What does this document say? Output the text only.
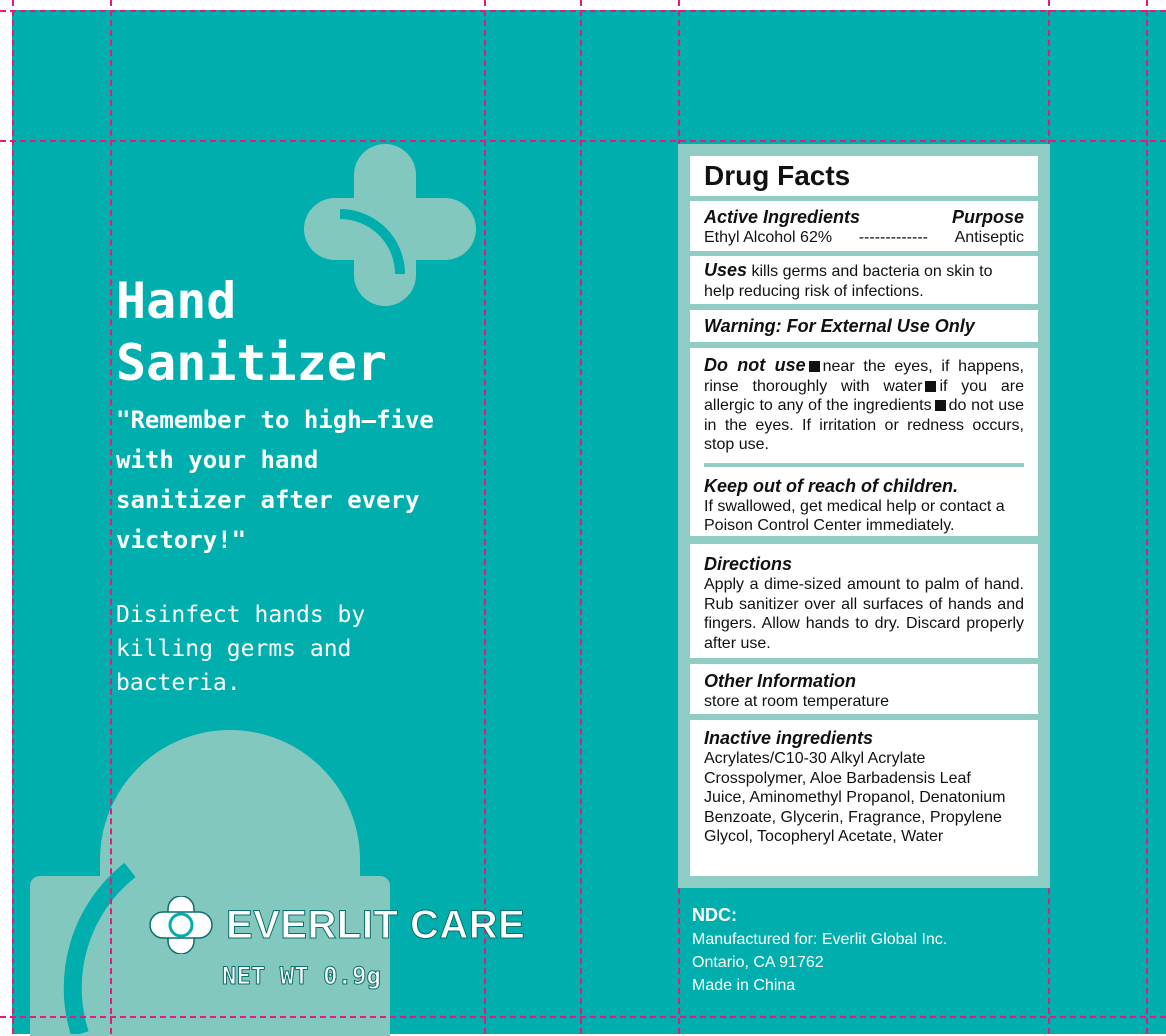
Hand
Sanitizer

"Remember to high–five with your hand sanitizer after every victory!"

Disinfect hands by killing germs and bacteria.

EVERLIT CARE
NET WT 0.9g
Drug Facts
Active Ingredients	Purpose
Ethyl Alcohol 62% ------------- Antiseptic
Uses kills germs and bacteria on skin to help reducing risk of infections.
Warning: For External Use Only
Do not use near the eyes, if happens, rinse thoroughly with water if you are allergic to any of the ingredients do not use in the eyes. If irritation or redness occurs, stop use.
Keep out of reach of children.
If swallowed, get medical help or contact a Poison Control Center immediately.
Directions
Apply a dime-sized amount to palm of hand. Rub sanitizer over all surfaces of hands and fingers. Allow hands to dry. Discard properly after use.
Other Information
store at room temperature
Inactive ingredients
Acrylates/C10-30 Alkyl Acrylate Crosspolymer, Aloe Barbadensis Leaf Juice, Aminomethyl Propanol, Denatonium Benzoate, Glycerin, Fragrance, Propylene Glycol, Tocopheryl Acetate, Water
NDC:
Manufactured for: Everlit Global Inc.
Ontario, CA 91762
Made in China
